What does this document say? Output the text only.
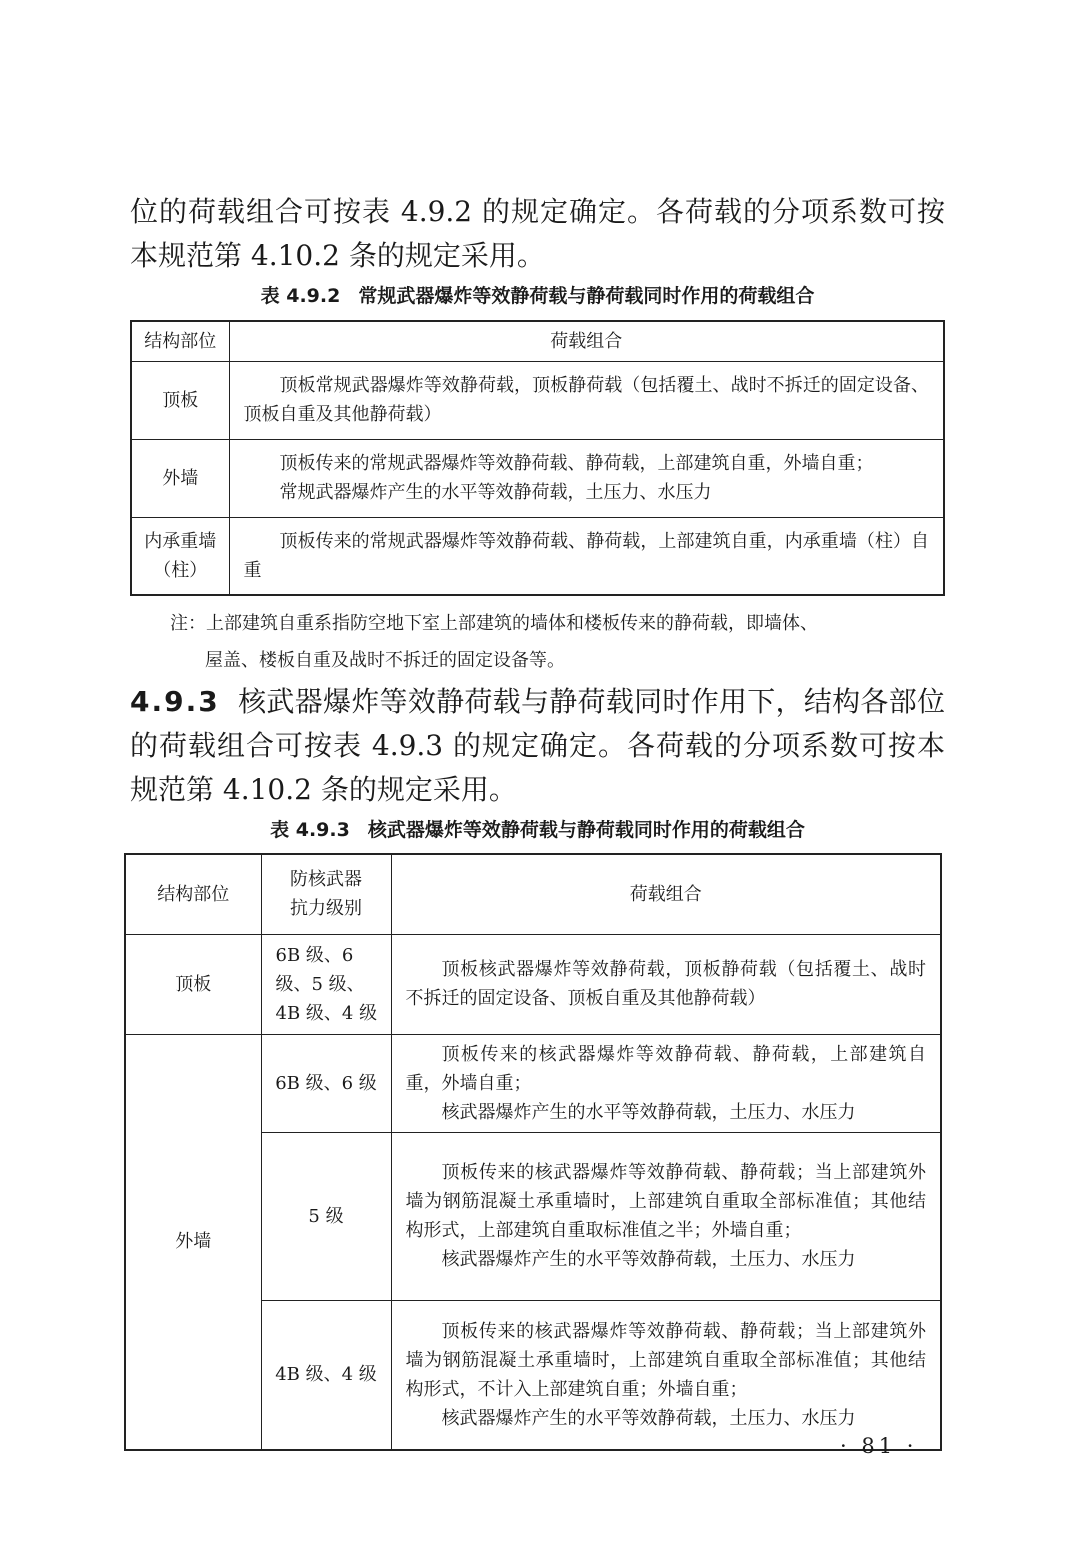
位的荷载组合可按表 4.9.2 的规定确定。各荷载的分项系数可按本规范第 4.10.2 条的规定采用。
表 4.9.2 常规武器爆炸等效静荷载与静荷载同时作用的荷载组合
结构部位	荷载组合
顶板	顶板常规武器爆炸等效静荷载，顶板静荷载（包括覆土、战时不拆迁的固定设备、顶板自重及其他静荷载）
外墙	顶板传来的常规武器爆炸等效静荷载、静荷载，上部建筑自重，外墙自重；
常规武器爆炸产生的水平等效静荷载，土压力、水压力

内承重墙（柱）	顶板传来的常规武器爆炸等效静荷载、静荷载，上部建筑自重，内承重墙（柱）自重
注：上部建筑自重系指防空地下室上部建筑的墙体和楼板传来的静荷载，即墙体、
屋盖、楼板自重及战时不拆迁的固定设备等。
4.9.3 核武器爆炸等效静荷载与静荷载同时作用下，结构各部位的荷载组合可按表 4.9.3 的规定确定。各荷载的分项系数可按本规范第 4.10.2 条的规定采用。
表 4.9.3 核武器爆炸等效静荷载与静荷载同时作用的荷载组合
结构部位	防核武器抗力级别	荷载组合
顶板	6B 级、6 级、5 级、4B 级、4 级	顶板核武器爆炸等效静荷载，顶板静荷载（包括覆土、战时不拆迁的固定设备、顶板自重及其他静荷载）
外墙	6B 级、6 级	顶板传来的核武器爆炸等效静荷载、静荷载，上部建筑自重，外墙自重；
核武器爆炸产生的水平等效静荷载，土压力、水压力

	5 级	顶板传来的核武器爆炸等效静荷载、静荷载；当上部建筑外墙为钢筋混凝土承重墙时，上部建筑自重取全部标准值；其他结构形式，上部建筑自重取标准值之半；外墙自重；
核武器爆炸产生的水平等效静荷载，土压力、水压力

	4B 级、4 级	顶板传来的核武器爆炸等效静荷载、静荷载；当上部建筑外墙为钢筋混凝土承重墙时，上部建筑自重取全部标准值；其他结构形式，不计入上部建筑自重；外墙自重；
核武器爆炸产生的水平等效静荷载，土压力、水压力
· 81 ·
